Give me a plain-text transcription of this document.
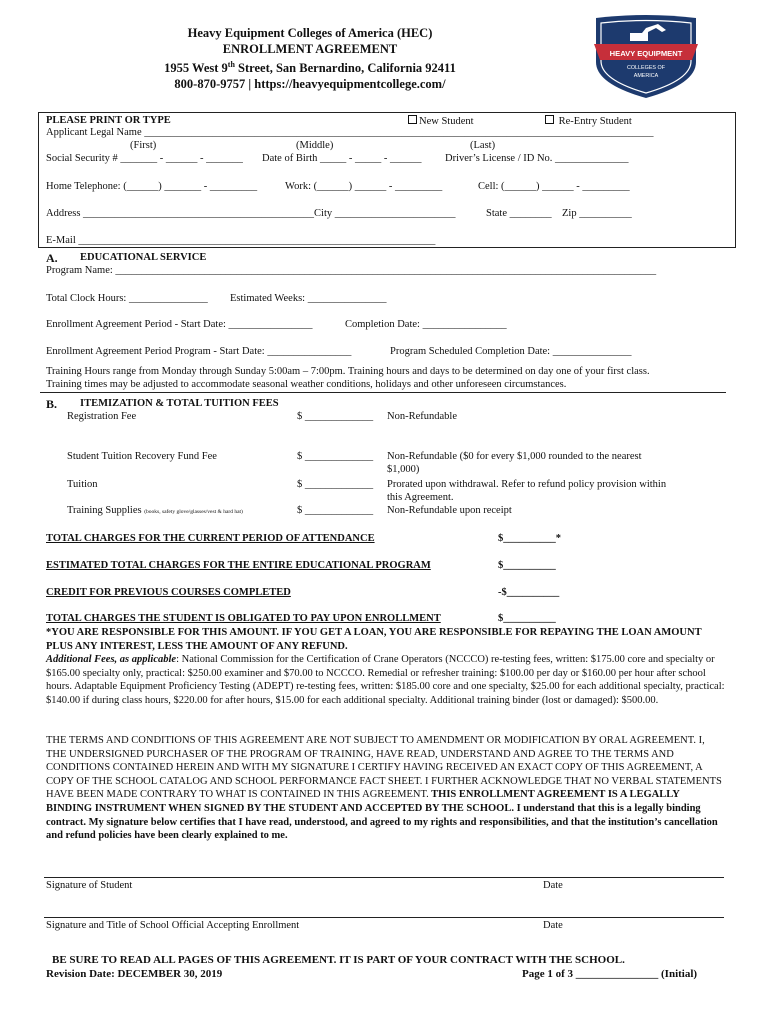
Heavy Equipment Colleges of America (HEC)
ENROLLMENT AGREEMENT
1955 West 9th Street, San Bernardino, California 92411
800-870-9757 | https://heavyequipmentcollege.com/
HEAVY EQUIPMENT
COLLEGES OF
AMERICA
PLEASE PRINT OR TYPE	New Student	Re-Entry Student
Applicant Legal Name _________________________________________________________________________________________________
(First)	(Middle)	(Last)
Social Security # _______ - ______ - _______ Date of Birth _____ - _____ - ______ Driver’s License / ID No. ______________
Home Telephone: (______) _______ - _________	Work: (______) ______ - _________	Cell: (______) ______ - _________
Address ____________________________________________City _______________________	State ________ Zip __________
E-Mail ____________________________________________________________________
A. EDUCATIONAL SERVICE
Program Name: _______________________________________________________________________________________________________
Total Clock Hours: _______________ Estimated Weeks: _______________
Enrollment Agreement Period - Start Date: ________________	Completion Date: ________________
Enrollment Agreement Period Program - Start Date: ________________	Program Scheduled Completion Date: _______________
Training Hours range from Monday through Sunday 5:00am – 7:00pm. Training hours and days to be determined on day one of your first class.
Training times may be adjusted to accommodate seasonal weather conditions, holidays and other unforeseen circumstances.
B. ITEMIZATION & TOTAL TUITION FEES
Registration Fee	$ _____________ Non-Refundable
Student Tuition Recovery Fund Fee	$ _____________ Non-Refundable ($0 for every $1,000 rounded to the nearest
$1,000)
Tuition	$ _____________ Prorated upon withdrawal. Refer to refund policy provision within
this Agreement.
Training Supplies (books, safety glove/glasses/vest & hard hat)	$ _____________ Non-Refundable upon receipt
TOTAL CHARGES FOR THE CURRENT PERIOD OF ATTENDANCE	$__________*
ESTIMATED TOTAL CHARGES FOR THE ENTIRE EDUCATIONAL PROGRAM	$__________
CREDIT FOR PREVIOUS COURSES COMPLETED	-$__________
TOTAL CHARGES THE STUDENT IS OBLIGATED TO PAY UPON ENROLLMENT	$__________
*YOU ARE RESPONSIBLE FOR THIS AMOUNT. IF YOU GET A LOAN, YOU ARE RESPONSIBLE FOR REPAYING THE LOAN AMOUNT PLUS ANY INTEREST, LESS THE AMOUNT OF ANY REFUND.
Additional Fees, as applicable: National Commission for the Certification of Crane Operators (NCCCO) re-testing fees, written: $175.00 core and specialty or $165.00 specialty only, practical: $250.00 examiner and $70.00 to NCCCO. Remedial or refresher training: $100.00 per day or $160.00 per hour after school hours. Adaptable Equipment Proficiency Testing (ADEPT) re-testing fees, written: $185.00 core and one specialty, $25.00 for each additional specialty, practical: $140.00 if during class hours, $220.00 for after hours, $15.00 for each additional specialty. Additional training binder (lost or damaged): $500.00.
THE TERMS AND CONDITIONS OF THIS AGREEMENT ARE NOT SUBJECT TO AMENDMENT OR MODIFICATION BY ORAL AGREEMENT. I, THE UNDERSIGNED PURCHASER OF THE PROGRAM OF TRAINING, HAVE READ, UNDERSTAND AND AGREE TO THE TERMS AND CONDITIONS CONTAINED HEREIN AND WITH MY SIGNATURE I CERTIFY HAVING RECEIVED AN EXACT COPY OF THIS AGREEMENT, A COPY OF THE SCHOOL CATALOG AND SCHOOL PERFORMANCE FACT SHEET. I FURTHER ACKNOWLEDGE THAT NO VERBAL STATEMENTS HAVE BEEN MADE CONTRARY TO WHAT IS CONTAINED IN THIS AGREEMENT. THIS ENROLLMENT AGREEMENT IS A LEGALLY BINDING INSTRUMENT WHEN SIGNED BY THE STUDENT AND ACCEPTED BY THE SCHOOL. I understand that this is a legally binding contract. My signature below certifies that I have read, understood, and agreed to my rights and responsibilities, and that the institution’s cancellation and refund policies have been clearly explained to me.
Signature of Student	Date
Signature and Title of School Official Accepting Enrollment	Date
BE SURE TO READ ALL PAGES OF THIS AGREEMENT. IT IS PART OF YOUR CONTRACT WITH THE SCHOOL.
Revision Date: DECEMBER 30, 2019	Page 1 of 3 _______________ (Initial)
